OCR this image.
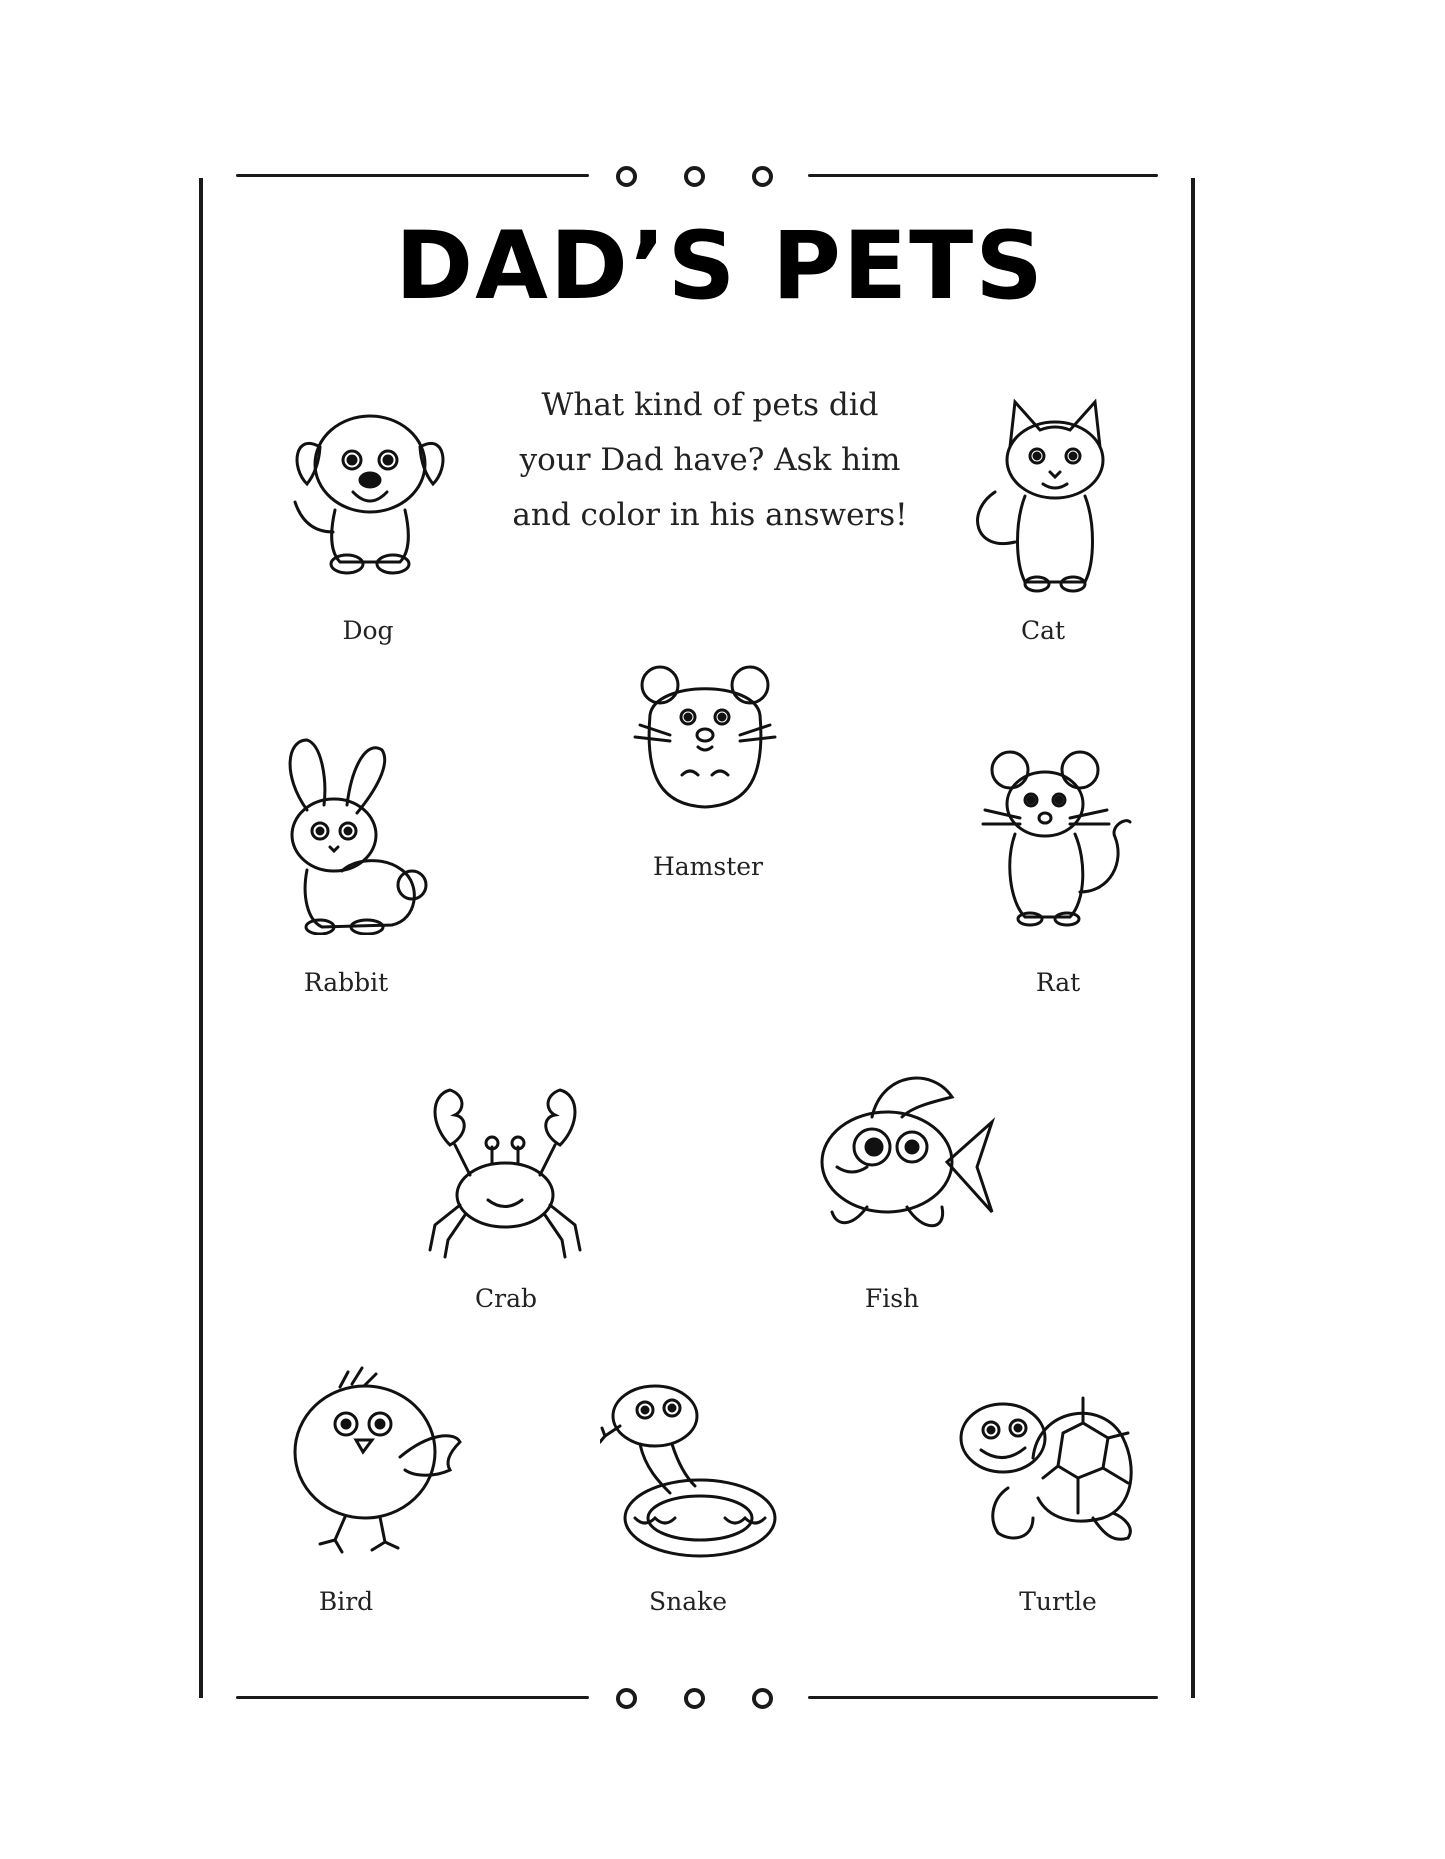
DAD’S PETS
What kind of pets did
your Dad have? Ask him
and color in his answers!
Dog	Cat
Hamster
Rabbit	Rat
Crab	Fish
Bird	Snake	Turtle
